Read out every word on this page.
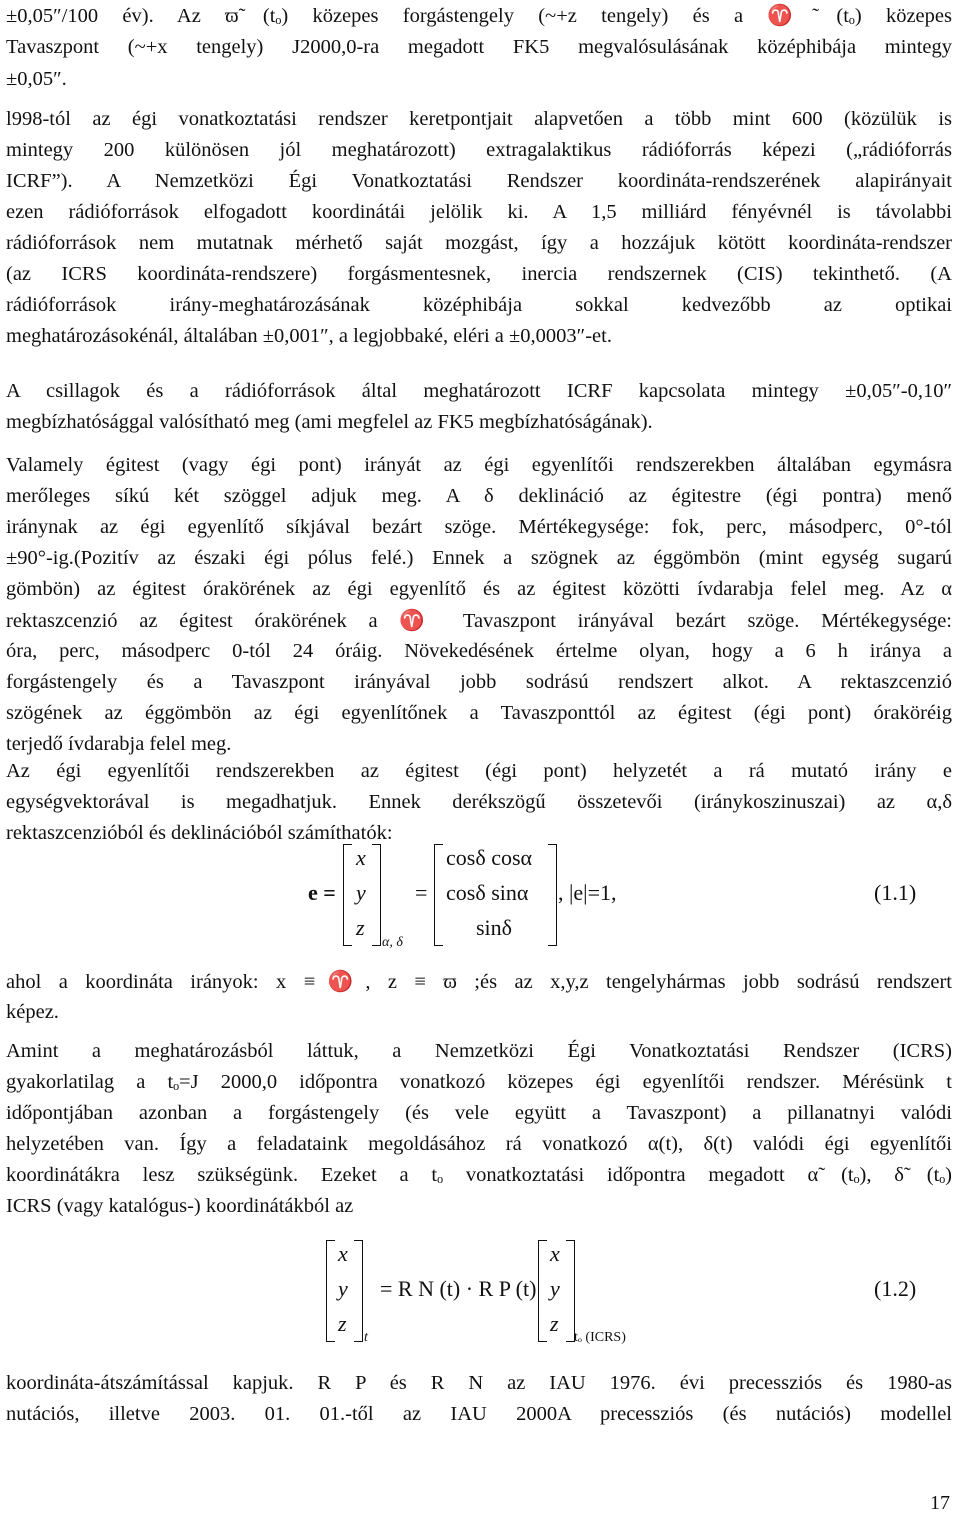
±0,05″/100 év). Az ϖ̃ (tₒ) közepes forgástengely (~+z tengely) és a ♈̃ (tₒ) közepes
Tavaszpont (~+x tengely) J2000,0-ra megadott FK5 megvalósulásának középhibája mintegy
±0,05″.
l998-tól az égi vonatkoztatási rendszer keretpontjait alapvetően a több mint 600 (közülük is
mintegy 200 különösen jól meghatározott) extragalaktikus rádióforrás képezi („rádióforrás
ICRF”). A Nemzetközi Égi Vonatkoztatási Rendszer koordináta-rendszerének alapirányait
ezen rádióforrások elfogadott koordinátái jelölik ki. A 1,5 milliárd fényévnél is távolabbi
rádióforrások nem mutatnak mérhető saját mozgást, így a hozzájuk kötött koordináta-rendszer
(az ICRS koordináta-rendszere) forgásmentesnek, inercia rendszernek (CIS) tekinthető. (A
rádióforrások irány-meghatározásának középhibája sokkal kedvezőbb az optikai
meghatározásokénál, általában ±0,001″, a legjobbaké, eléri a ±0,0003″-et.
A csillagok és a rádióforrások által meghatározott ICRF kapcsolata mintegy ±0,05″-0,10″
megbízhatósággal valósítható meg (ami megfelel az FK5 megbízhatóságának).
Valamely égitest (vagy égi pont) irányát az égi egyenlítői rendszerekben általában egymásra
merőleges síkú két szöggel adjuk meg. A δ deklináció az égitestre (égi pontra) menő
iránynak az égi egyenlítő síkjával bezárt szöge. Mértékegysége: fok, perc, másodperc, 0°-tól
±90°-ig.(Pozitív az északi égi pólus felé.) Ennek a szögnek az éggömbön (mint egység sugarú
gömbön) az égitest órakörének az égi egyenlítő és az égitest közötti ívdarabja felel meg. Az α
rektaszcenzió az égitest órakörének a ♈ Tavaszpont irányával bezárt szöge. Mértékegysége:
óra, perc, másodperc 0-tól 24 óráig. Növekedésének értelme olyan, hogy a 6 h iránya a
forgástengely és a Tavaszpont irányával jobb sodrású rendszert alkot. A rektaszcenzió
szögének az éggömbön az égi egyenlítőnek a Tavaszponttól az égitest (égi pont) óraköréig
terjedő ívdarabja felel meg.
Az égi egyenlítői rendszerekben az égitest (égi pont) helyzetét a rá mutató irány e
egységvektorával is megadhatjuk. Ennek derékszögű összetevői (iránykoszinuszai) az α,δ
rektaszcenzióból és deklinációból számíthatók:
e =
x
y
z
α, δ
=
cosδ cosα
cosδ sinα
sinδ
, |e|=1,	(1.1)
ahol a koordináta irányok: x ≡♈, z ≡ ϖ ;és az x,y,z tengelyhármas jobb sodrású rendszert
képez.
Amint a meghatározásból láttuk, a Nemzetközi Égi Vonatkoztatási Rendszer (ICRS)
gyakorlatilag a tₒ=J 2000,0 időpontra vonatkozó közepes égi egyenlítői rendszer. Mérésünk t
időpontjában azonban a forgástengely (és vele együtt a Tavaszpont) a pillanatnyi valódi
helyzetében van. Így a feladataink megoldásához rá vonatkozó α(t), δ(t) valódi égi egyenlítői
koordinátákra lesz szükségünk. Ezeket a tₒ vonatkoztatási időpontra megadott α̃ (tₒ), δ̃ (tₒ)
ICRS (vagy katalógus-) koordinátákból az
x
y
z
t
= R N (t) · R P (t)
x
y
z
tₒ (ICRS)
(1.2)
koordináta-átszámítással kapjuk. R P és R N az IAU 1976. évi precessziós és 1980-as
nutációs, illetve 2003. 01. 01.-től az IAU 2000A precessziós (és nutációs) modellel
17
